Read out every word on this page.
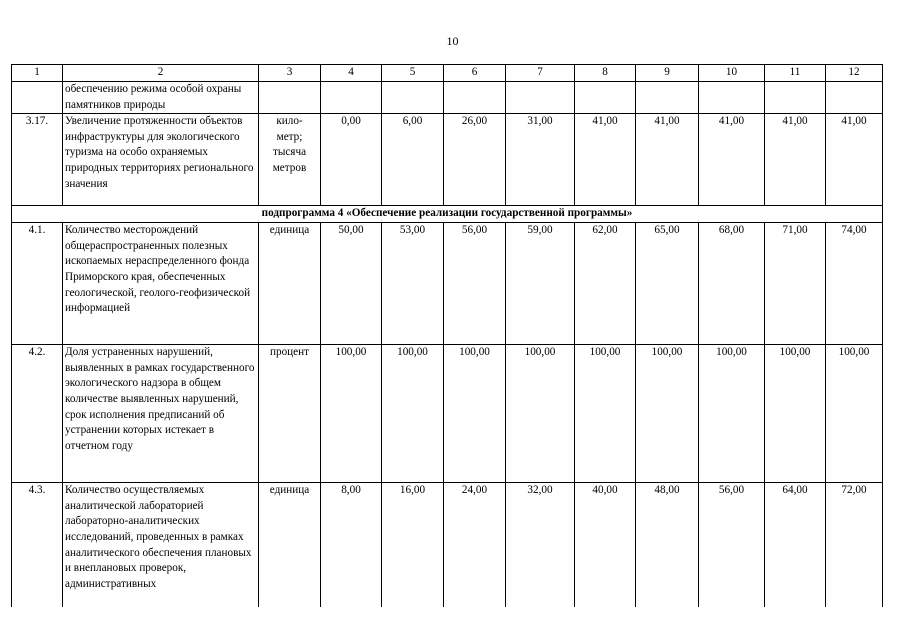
10
1	2	3	4	5	6	7	8	9	10	11	12
	обеспечению режима особой охраны памятников природы										
3.17.	Увеличение протяженности объектов инфраструктуры для экологического туризма на особо охраняемых природных территориях регионального значения	кило-метр; тысяча метров	0,00	6,00	26,00	31,00	41,00	41,00	41,00	41,00	41,00
подпрограмма 4 «Обеспечение реализации государственной программы»											
4.1.	Количество месторождений общераспространенных полезных ископаемых нераспределенного фонда Приморского края, обеспеченных геологической, геолого-геофизической информацией	единица	50,00	53,00	56,00	59,00	62,00	65,00	68,00	71,00	74,00
4.2.	Доля устраненных нарушений, выявленных в рамках государственного экологического надзора в общем количестве выявленных нарушений, срок исполнения предписаний об устранении которых истекает в отчетном году	процент	100,00	100,00	100,00	100,00	100,00	100,00	100,00	100,00	100,00
4.3.	Количество осуществляемых аналитической лабораторией лабораторно-аналитических исследований, проведенных в рамках аналитического обеспечения плановых и внеплановых проверок, административных	единица	8,00	16,00	24,00	32,00	40,00	48,00	56,00	64,00	72,00
